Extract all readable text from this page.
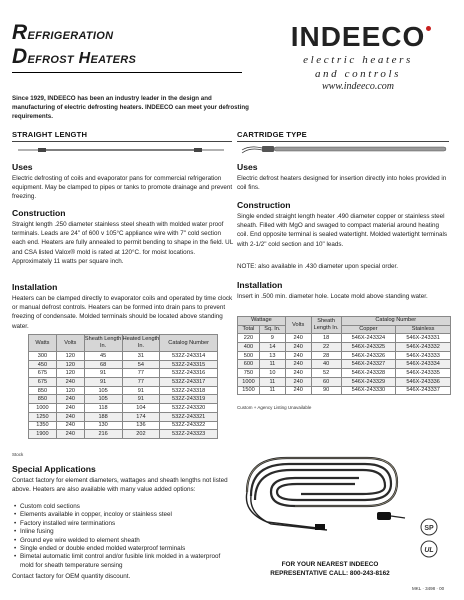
Refrigeration
Defrost Heaters
INDEECO
electric heaters
and controls
www.indeeco.com
Since 1929, INDEECO has been an industry leader in the design and manufacturing of electric defrosting heaters. INDEECO can meet your defrosting requirements.
STRAIGHT LENGTH
Uses
Electric defrosting of coils and evaporator pans for commercial refrigeration equipment. May be clamped to pipes or tanks to promote drainage and prevent freezing.
Construction
Straight length .250 diameter stainless steel sheath with molded water proof terminals. Leads are 24" of 600 v 105°C appliance wire with 7" cold section each end. Heaters are fully annealed to permit bending to shape in the field. UL and CSA listed Valox® mold is rated at 120°C. for moist locations. Approximately 11 watts per square inch.
Installation
Heaters can be clamped directly to evaporator coils and operated by time clock or manual defrost controls. Heaters can be formed into drain pans to prevent freezing of condensate. Molded terminals should be located above standing water.
Watts	Volts	Sheath Length In.	Heated Length In.	Catalog Number
300	120	45	31	532Z-243314
450	120	68	54	532Z-243315
675	120	91	77	532Z-243316
675	240	91	77	532Z-243317
850	120	105	91	532Z-243318
850	240	105	91	532Z-243319
1000	240	118	104	532Z-243320
1250	240	188	174	532Z-243321
1350	240	130	136	532Z-243322
1900	240	216	202	532Z-243323
Stock
Special Applications
Contact factory for element diameters, wattages and sheath lengths not listed above. Heaters are also available with many value added options:
• Custom cold sections
• Elements available in copper, incoloy or stainless steel
• Factory installed wire terminations
• Inline fusing
• Ground eye wire welded to element sheath
• Single ended or double ended molded waterproof terminals
• Bimetal automatic limit control and/or fusible link molded in a waterproof mold for sheath temperature sensing
Contact factory for OEM quantity discount.
CARTRIDGE TYPE
Uses
Electric defrost heaters designed for insertion directly into holes provided in coil fins.
Construction
Single ended straight length heater .490 diameter copper or stainless steel sheath. Filled with MgO and swaged to compact material around heating coil. End opposite terminal is sealed watertight. Molded watertight terminals with 2-1/2" cold section and 10" leads.
NOTE: also available in .430 diameter upon special order.
Installation
Insert in .500 min. diameter hole. Locate mold above standing water.
Wattage		Volts	Sheath Length In.	Catalog Number	
Total	Sq. In.			Copper	Stainless
220	9	240	18	546X-243324	546X-243331
400	14	240	22	546X-243325	546X-243332
500	13	240	28	546X-243326	546X-243333
600	11	240	40	546X-243327	546X-243334
750	10	240	52	546X-243328	546X-243335
1000	11	240	60	546X-243329	546X-243336
1500	11	240	90	546X-243330	546X-243337
Custom + Agency Listing Unavailable
SP
UL
FOR YOUR NEAREST INDEECO
REPRESENTATIVE CALL: 800-243-8162
MKL · 3498 · 00
